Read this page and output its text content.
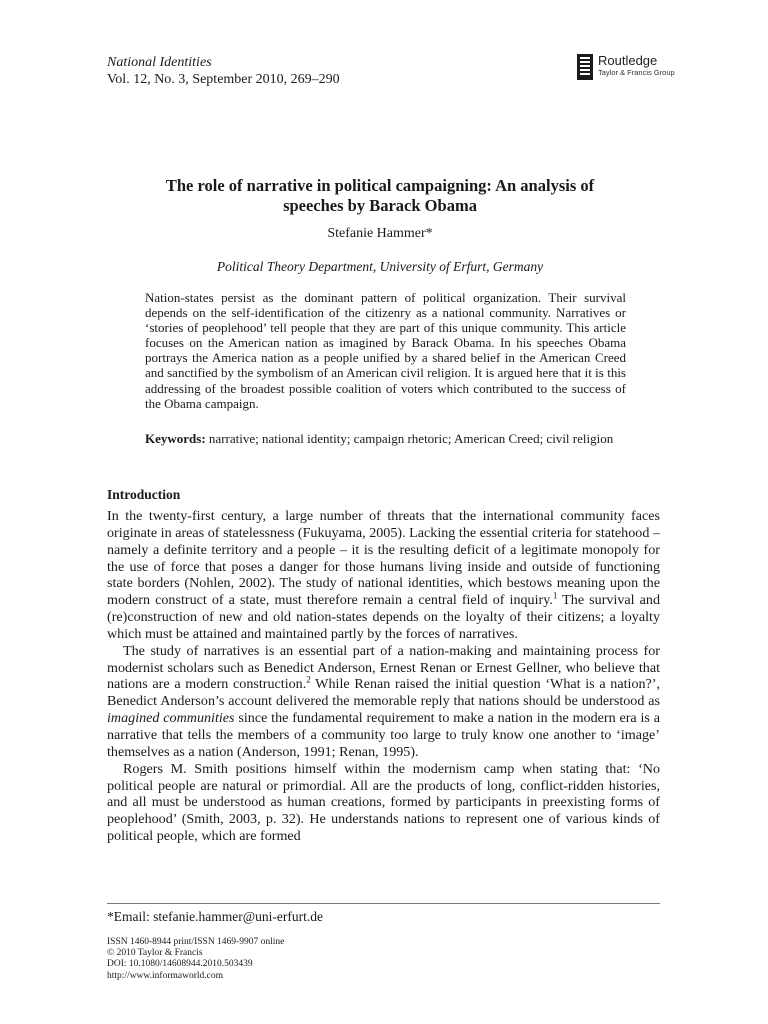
National Identities
Vol. 12, No. 3, September 2010, 269–290
Routledge
Taylor & Francis Group
The role of narrative in political campaigning: An analysis of
speeches by Barack Obama
Stefanie Hammer*
Political Theory Department, University of Erfurt, Germany

Nation-states persist as the dominant pattern of political organization. Their survival depends on the self-identification of the citizenry as a national community. Narratives or ‘stories of peoplehood’ tell people that they are part of this unique community. This article focuses on the American nation as imagined by Barack Obama. In his speeches Obama portrays the America nation as a people unified by a shared belief in the American Creed and sanctified by the symbolism of an American civil religion. It is argued here that it is this addressing of the broadest possible coalition of voters which contributed to the success of the Obama campaign.

Keywords: narrative; national identity; campaign rhetoric; American Creed; civil religion

Introduction

In the twenty-first century, a large number of threats that the international community faces originate in areas of statelessness (Fukuyama, 2005). Lacking the essential criteria for statehood – namely a definite territory and a people – it is the resulting deficit of a legitimate monopoly for the use of force that poses a danger for those humans living inside and outside of functioning state borders (Nohlen, 2002). The study of national identities, which bestows meaning upon the modern construct of a state, must therefore remain a central field of inquiry.$^1$ The survival and (re)construction of new and old nation-states depends on the loyalty of their citizens; a loyalty which must be attained and maintained partly by the forces of narratives.

The study of narratives is an essential part of a nation-making and maintaining process for modernist scholars such as Benedict Anderson, Ernest Renan or Ernest Gellner, who believe that nations are a modern construction.$^2$ While Renan raised the initial question ‘What is a nation?’, Benedict Anderson’s account delivered the memorable reply that nations should be understood as imagined communities since the fundamental requirement to make a nation in the modern era is a narrative that tells the members of a community too large to truly know one another to ‘image’ themselves as a nation (Anderson, 1991; Renan, 1995).

Rogers M. Smith positions himself within the modernism camp when stating that: ‘No political people are natural or primordial. All are the products of long, conflict-ridden histories, and all must be understood as human creations, formed by participants in preexisting forms of peoplehood’ (Smith, 2003, p. 32). He understands nations to represent one of various kinds of political people, which are formed

*Email: stefanie.hammer@uni-erfurt.de
ISSN 1460-8944 print/ISSN 1469-9907 online
© 2010 Taylor & Francis
DOI: 10.1080/14608944.2010.503439
http://www.informaworld.com
